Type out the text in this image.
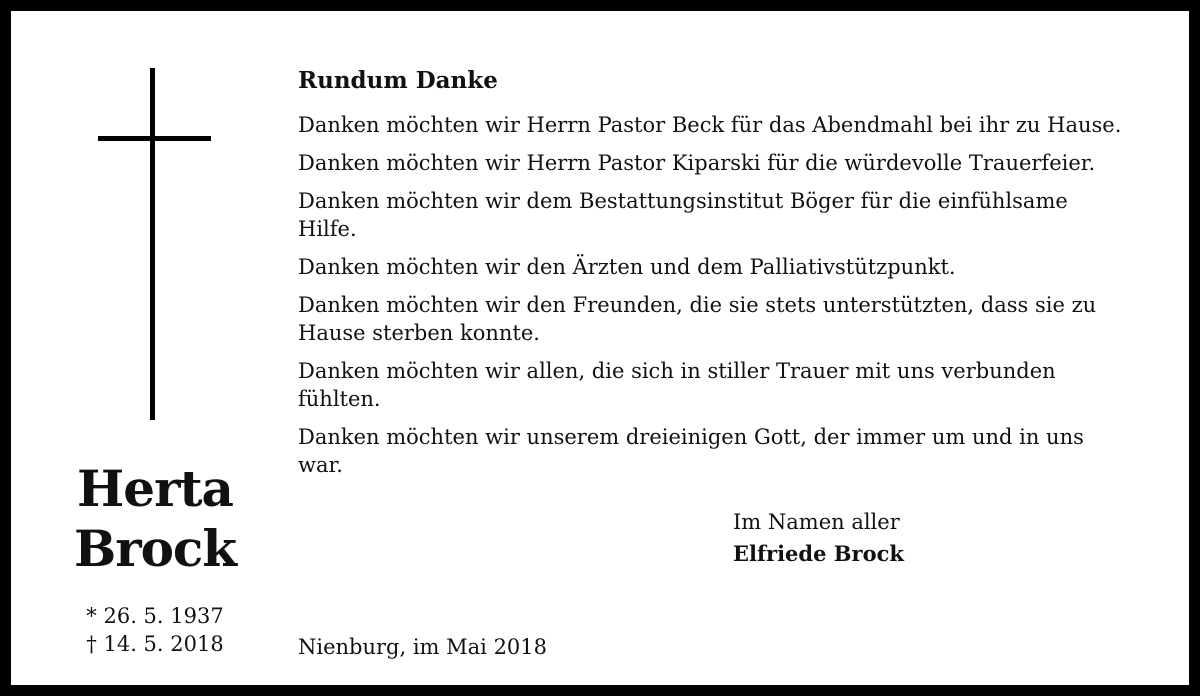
Herta
Brock
* 26. 5. 1937
† 14. 5. 2018
Rundum Danke
Danken möchten wir Herrn Pastor Beck für das Abendmahl bei ihr zu Hause.
Danken möchten wir Herrn Pastor Kiparski für die würdevolle Trauerfeier.
Danken möchten wir dem Bestattungsinstitut Böger für die einfühlsame Hilfe.
Danken möchten wir den Ärzten und dem Palliativstützpunkt.
Danken möchten wir den Freunden, die sie stets unterstützten, dass sie zu Hause sterben konnte.
Danken möchten wir allen, die sich in stiller Trauer mit uns verbunden fühlten.
Danken möchten wir unserem dreieinigen Gott, der immer um und in uns war.
Im Namen aller
Elfriede Brock
Nienburg, im Mai 2018
